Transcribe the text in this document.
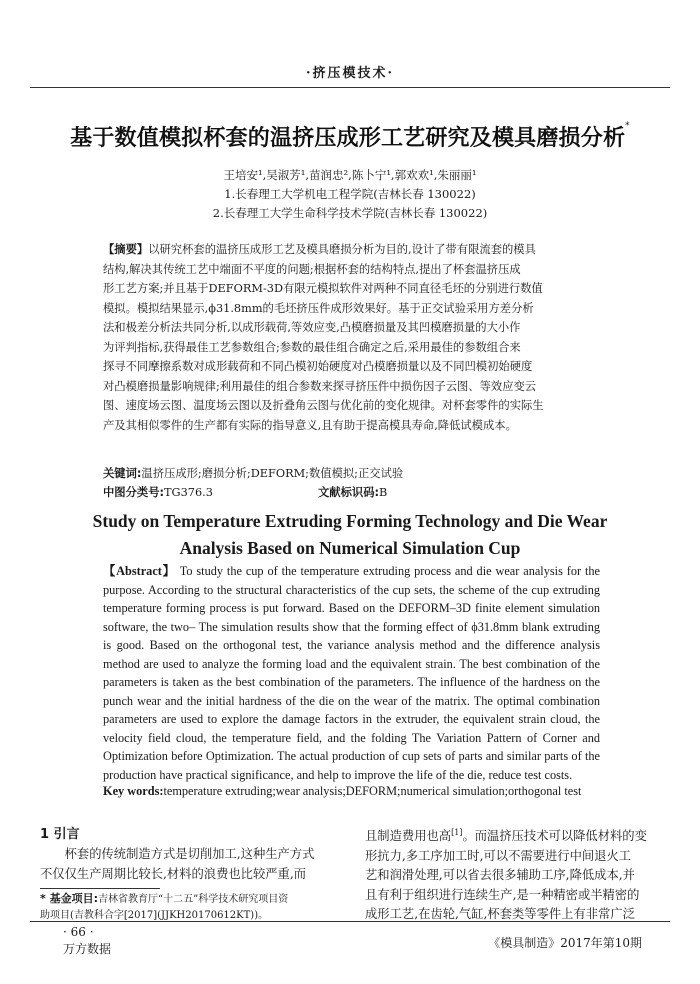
·挤压模技术·
基于数值模拟杯套的温挤压成形工艺研究及模具磨损分析*
王培安¹,吴淑芳¹,苗润忠²,陈卜宁¹,郭欢欢¹,朱丽丽¹
1.长春理工大学机电工程学院(吉林长春 130022)
2.长春理工大学生命科学技术学院(吉林长春 130022)
【摘要】以研究杯套的温挤压成形工艺及模具磨损分析为目的,设计了带有限流套的模具
结构,解决其传统工艺中端面不平度的问题;根据杯套的结构特点,提出了杯套温挤压成
形工艺方案;并且基于DEFORM-3D有限元模拟软件对两种不同直径毛坯的分别进行数值
模拟。模拟结果显示,ϕ31.8mm的毛坯挤压件成形效果好。基于正交试验采用方差分析
法和极差分析法共同分析,以成形载荷,等效应变,凸模磨损量及其凹模磨损量的大小作
为评判指标,获得最佳工艺参数组合;参数的最佳组合确定之后,采用最佳的参数组合来
探寻不同摩擦系数对成形载荷和不同凸模初始硬度对凸模磨损量以及不同凹模初始硬度
对凸模磨损量影响规律;利用最佳的组合参数来探寻挤压件中损伤因子云图、等效应变云
图、速度场云图、温度场云图以及折叠角云图与优化前的变化规律。对杯套零件的实际生
产及其相似零件的生产都有实际的指导意义,且有助于提高模具寿命,降低试模成本。
关键词:温挤压成形;磨损分析;DEFORM;数值模拟;正交试验
中图分类号:TG376.3	文献标识码:B
Study on Temperature Extruding Forming Technology and Die Wear Analysis Based on Numerical Simulation Cup
【Abstract】 To study the cup of the temperature extruding process and die wear analysis for the purpose. According to the structural characteristics of the cup sets, the scheme of the cup extruding temperature forming process is put forward. Based on the DEFORM–3D finite element simulation software, the two– The simulation results show that the forming effect of ϕ31.8mm blank extruding is good. Based on the orthogonal test, the variance analysis method and the difference analysis method are used to analyze the forming load and the equivalent strain. The best combination of the parameters is taken as the best combination of the parameters. The influence of the hardness on the punch wear and the initial hardness of the die on the wear of the matrix. The optimal combination parameters are used to explore the damage factors in the extruder, the equivalent strain cloud, the velocity field cloud, the temperature field, and the folding The Variation Pattern of Corner and Optimization before Optimization. The actual production of cup sets of parts and similar parts of the production have practical significance, and help to improve the life of the die, reduce test costs.
Key words:temperature extruding;wear analysis;DEFORM;numerical simulation;orthogonal test
1 引言
杯套的传统制造方式是切削加工,这种生产方式
不仅仅生产周期比较长,材料的浪费也比较严重,而
且制造费用也高[1]。而温挤压技术可以降低材料的变
形抗力,多工序加工时,可以不需要进行中间退火工
艺和润滑处理,可以省去很多辅助工序,降低成本,并
且有利于组织进行连续生产,是一种精密或半精密的
成形工艺,在齿轮,气缸,杯套类等零件上有非常广泛
* 基金项目:吉林省教育厅“十二五”科学技术研究项目资
助项目(吉教科合字[2017](JJKH20170612KT))。
· 66 ·
万方数据	《模具制造》2017年第10期
